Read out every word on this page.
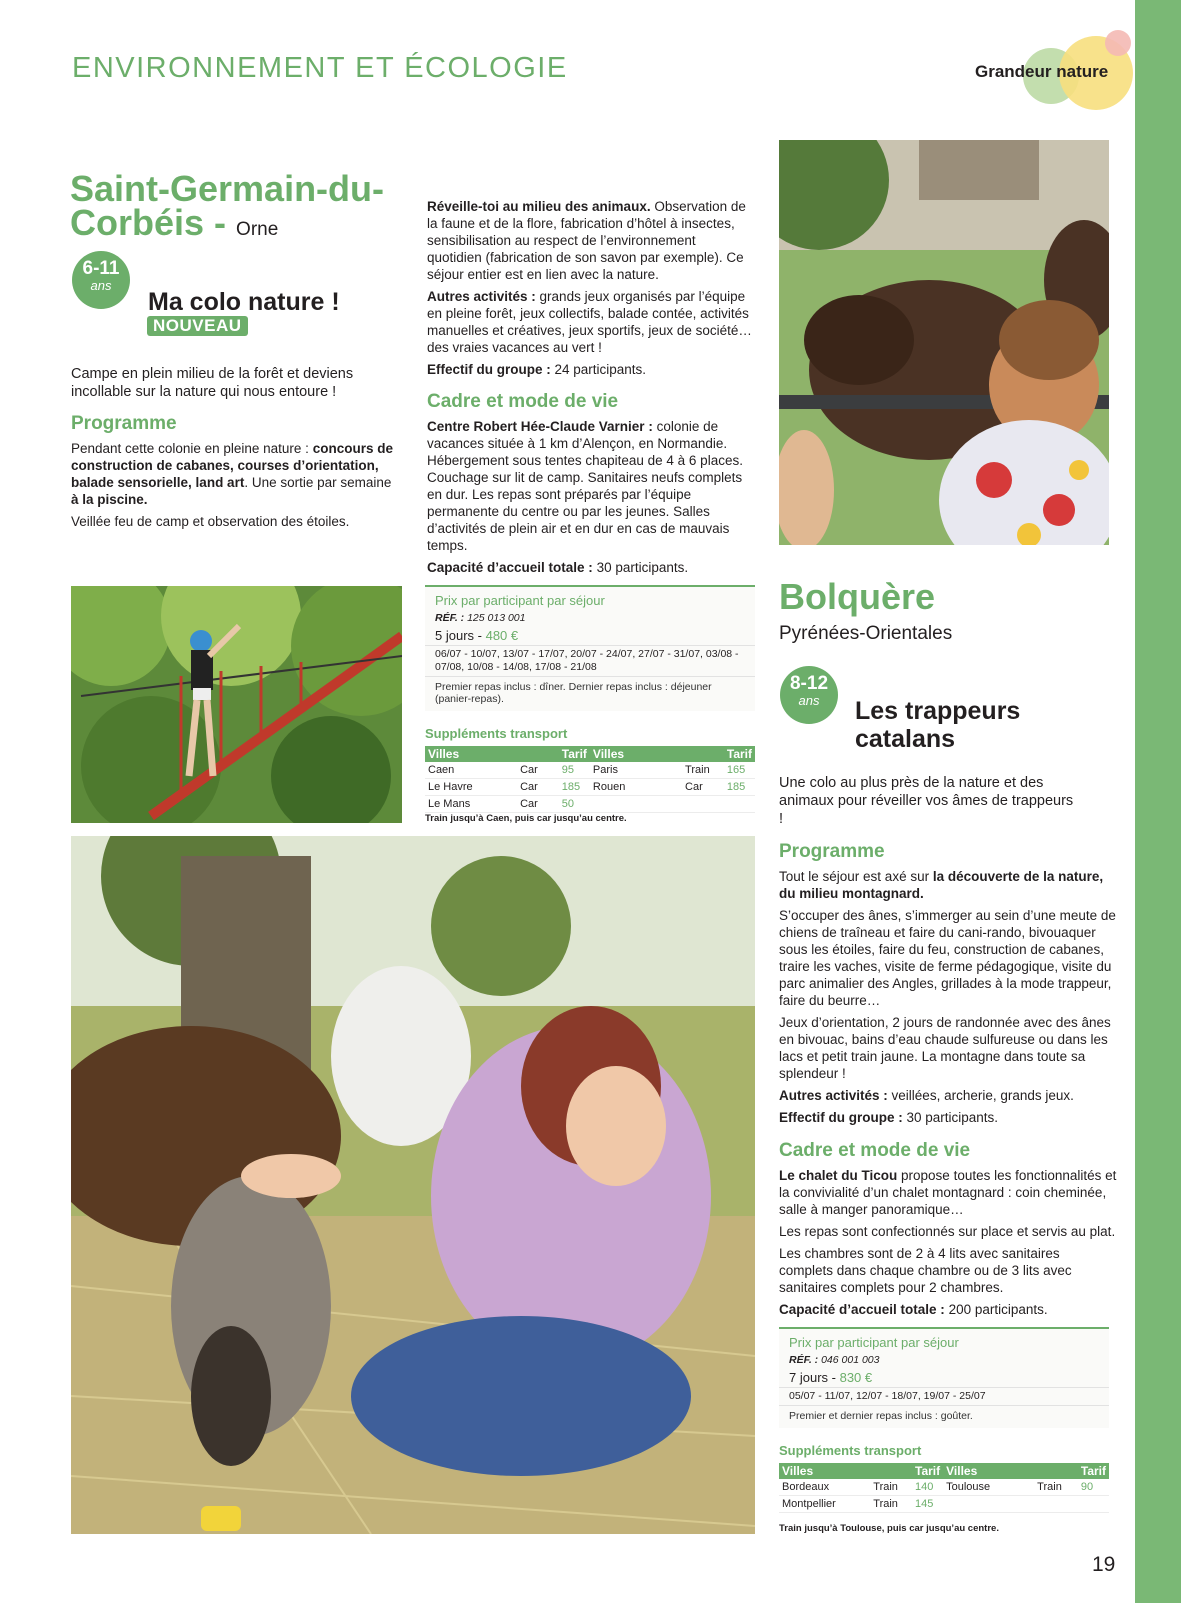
ENVIRONNEMENT ET ÉCOLOGIE	Grandeur nature
Saint-Germain-du-
Corbéis - Orne
6-11
ans
Ma colo nature !
NOUVEAU
Campe en plein milieu de la forêt et deviens incollable sur la nature qui nous entoure !
Programme

Pendant cette colonie en pleine nature : concours de construction de cabanes, courses d’orientation, balade sensorielle, land art. Une sortie par semaine à la piscine.

Veillée feu de camp et observation des étoiles.

Réveille-toi au milieu des animaux. Observation de la faune et de la flore, fabrication d’hôtel à insectes, sensibilisation au respect de l’environnement quotidien (fabrication de son savon par exemple). Ce séjour entier est en lien avec la nature.

Autres activités : grands jeux organisés par l’équipe en pleine forêt, jeux collectifs, balade contée, activités manuelles et créatives, jeux sportifs, jeux de société… des vraies vacances au vert !

Effectif du groupe : 24 participants.

Cadre et mode de vie

Centre Robert Hée-Claude Varnier : colonie de vacances située à 1 km d’Alençon, en Normandie. Hébergement sous tentes chapiteau de 4 à 6 places. Couchage sur lit de camp. Sanitaires neufs complets en dur. Les repas sont préparés par l’équipe permanente du centre ou par les jeunes. Salles d’activités de plein air et en dur en cas de mauvais temps.

Capacité d’accueil totale : 30 participants.

Prix par participant par séjour
RÉF. : 125 013 001
5 jours - 480 €
06/07 - 10/07, 13/07 - 17/07, 20/07 - 24/07, 27/07 - 31/07, 03/08 - 07/08, 10/08 - 14/08, 17/08 - 21/08
Premier repas inclus : dîner. Dernier repas inclus : déjeuner (panier-repas).
Suppléments transport
Villes		Tarif	Villes		Tarif
Caen	Car	95	Paris	Train	165
Le Havre	Car	185	Rouen	Car	185
Le Mans	Car	50			
Train jusqu’à Caen, puis car jusqu’au centre.
Bolquère
Pyrénées-Orientales
8-12
ans	Les trappeurs
catalans
Une colo au plus près de la nature et des animaux pour réveiller vos âmes de trappeurs !
Programme

Tout le séjour est axé sur la découverte de la nature, du milieu montagnard.

S’occuper des ânes, s’immerger au sein d’une meute de chiens de traîneau et faire du cani-rando, bivouaquer sous les étoiles, faire du feu, construction de cabanes, traire les vaches, visite de ferme pédagogique, visite du parc animalier des Angles, grillades à la mode trappeur, faire du beurre…

Jeux d’orientation, 2 jours de randonnée avec des ânes en bivouac, bains d’eau chaude sulfureuse ou dans les lacs et petit train jaune. La montagne dans toute sa splendeur !

Autres activités : veillées, archerie, grands jeux.

Effectif du groupe : 30 participants.

Cadre et mode de vie

Le chalet du Ticou propose toutes les fonctionnalités et la convivialité d’un chalet montagnard : coin cheminée, salle à manger panoramique…

Les repas sont confectionnés sur place et servis au plat.

Les chambres sont de 2 à 4 lits avec sanitaires complets dans chaque chambre ou de 3 lits avec sanitaires complets pour 2 chambres.

Capacité d’accueil totale : 200 participants.

Prix par participant par séjour
RÉF. : 046 001 003
7 jours - 830 €
05/07 - 11/07, 12/07 - 18/07, 19/07 - 25/07
Premier et dernier repas inclus : goûter.
Suppléments transport
Villes		Tarif	Villes		Tarif
Bordeaux	Train	140	Toulouse	Train	90
Montpellier	Train	145			
Train jusqu’à Toulouse, puis car jusqu’au centre.
19
